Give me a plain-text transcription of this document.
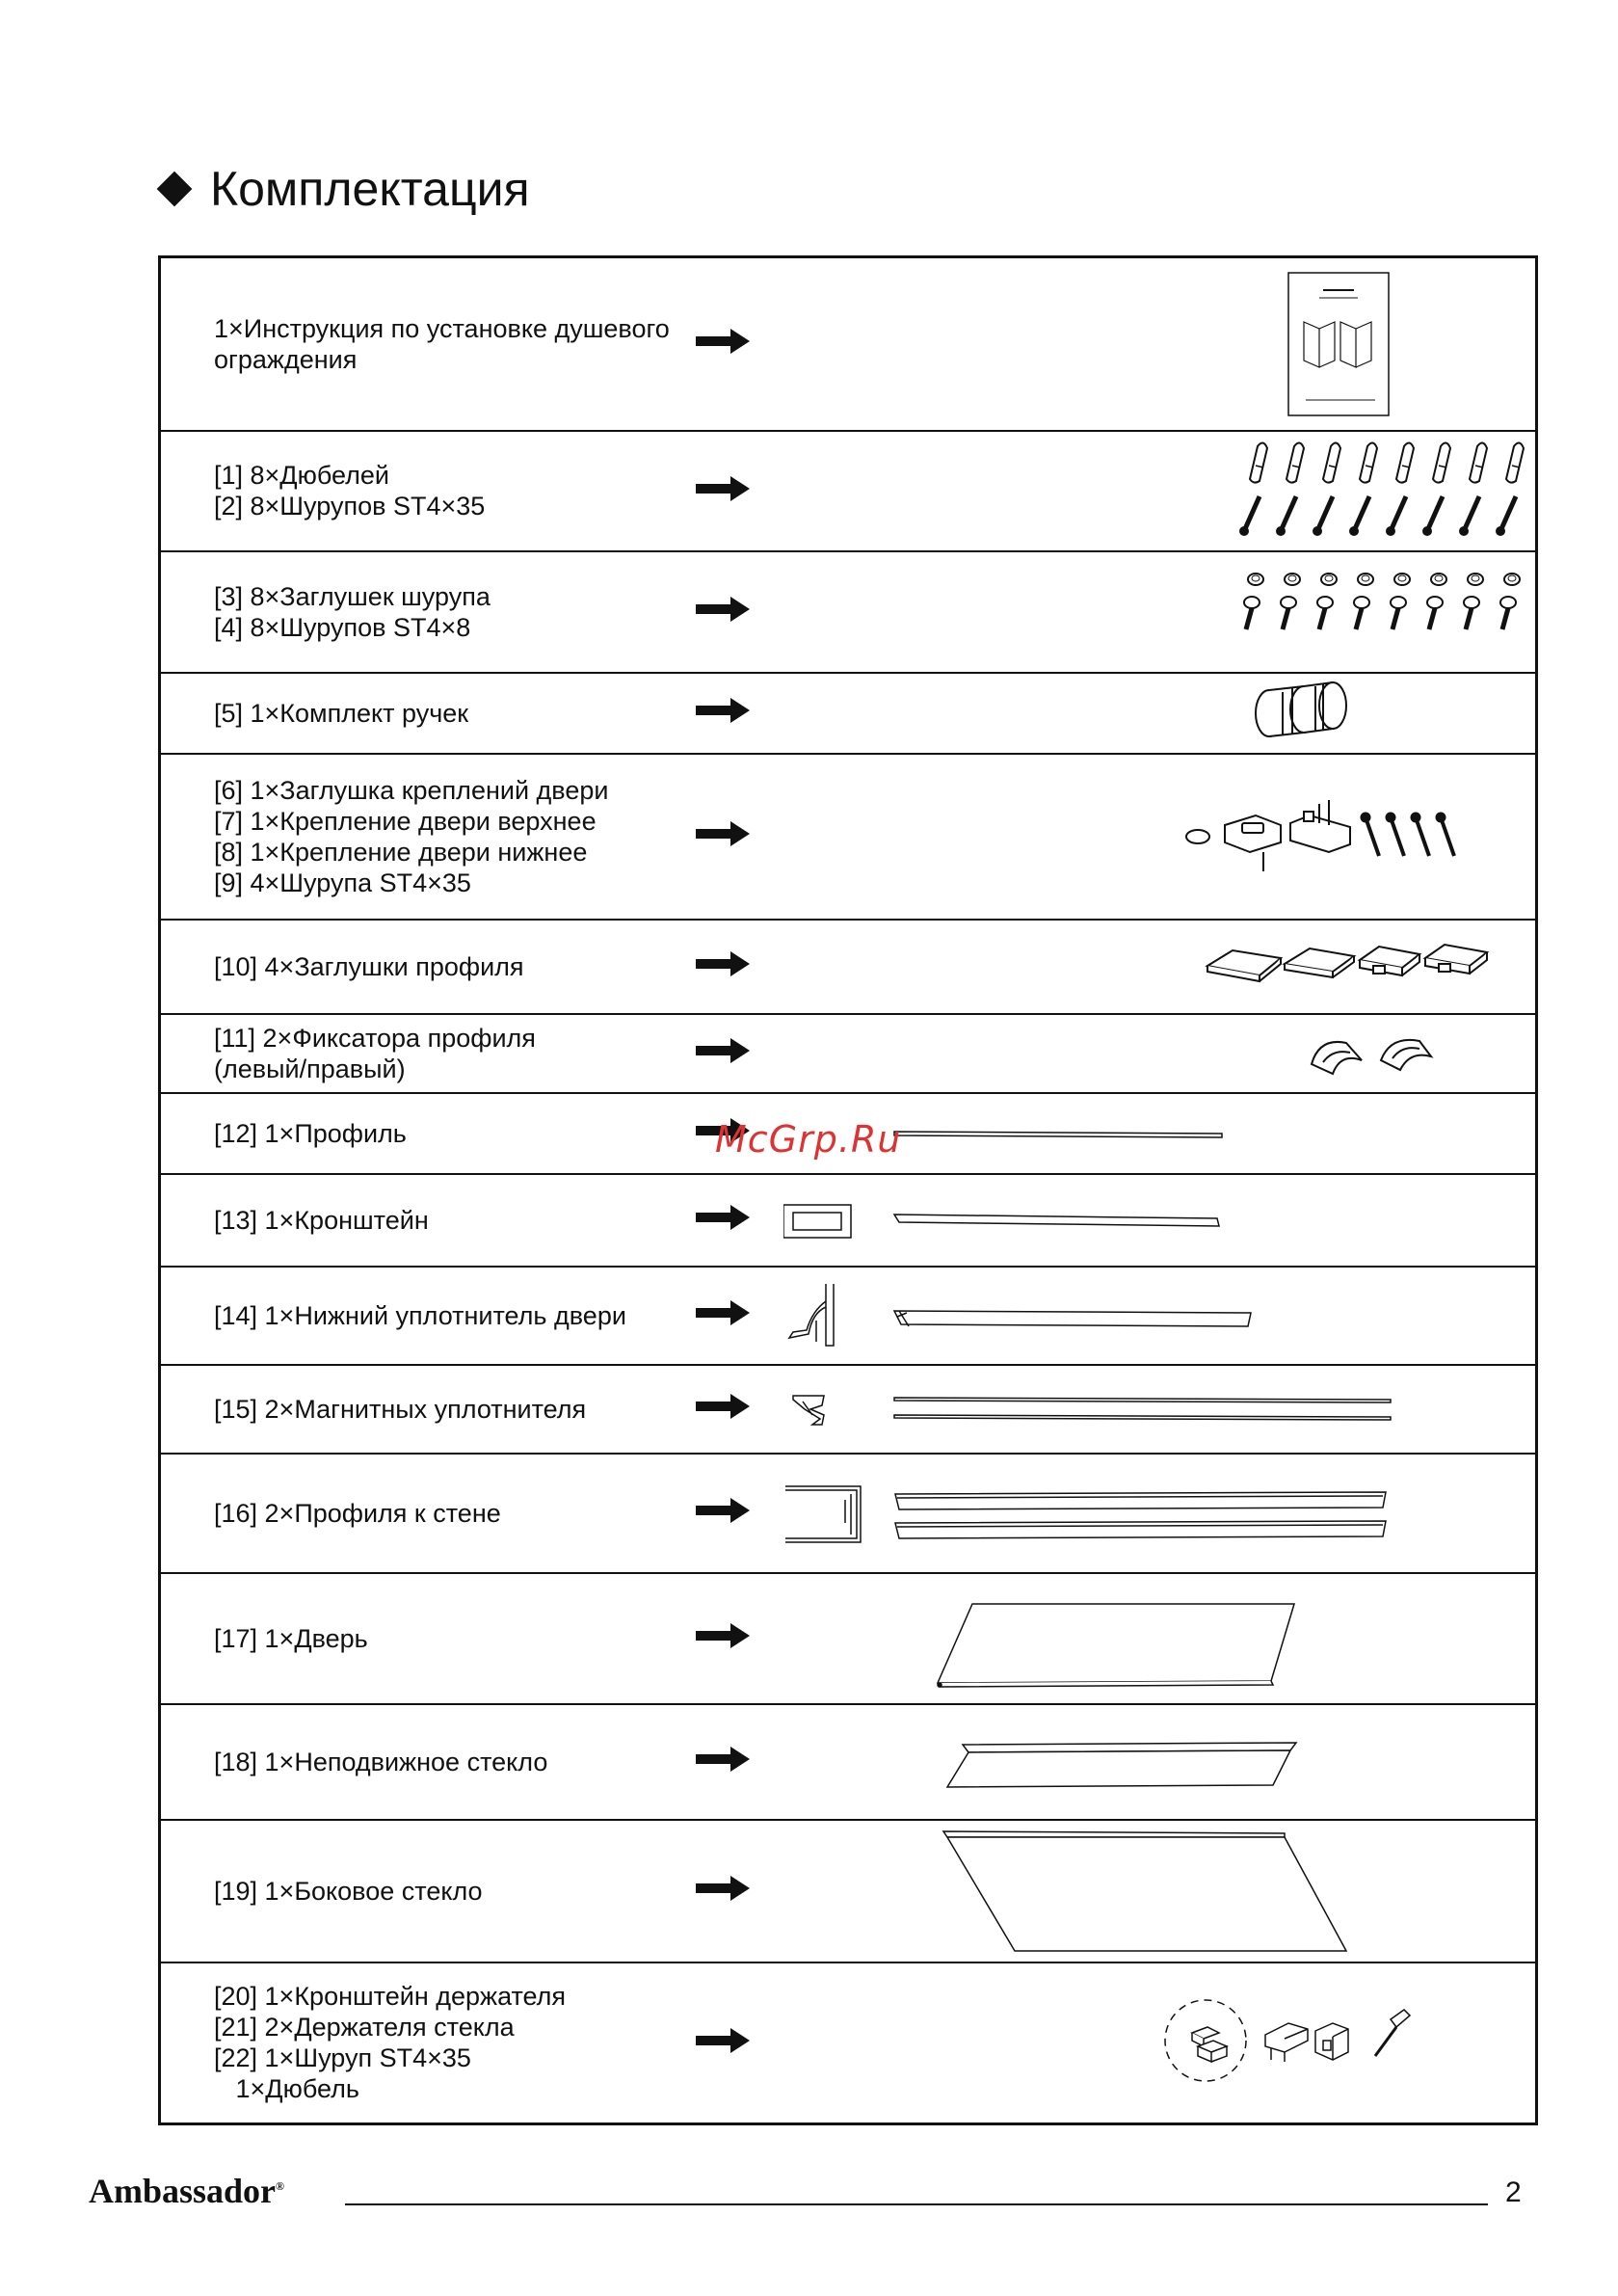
Комплектация
1×Инструкция по установке душевого
ограждения

[1] 8×Дюбелей
[2] 8×Шурупов ST4×35

[3] 8×Заглушек шурупа
[4] 8×Шурупов ST4×8

[5] 1×Комплект ручек

[6] 1×Заглушка креплений двери
[7] 1×Крепление двери верхнее
[8] 1×Крепление двери нижнее
[9] 4×Шурупа ST4×35

[10] 4×Заглушки профиля

[11] 2×Фиксатора профиля
(левый/правый)

[12] 1×Профиль

[13] 1×Кронштейн

[14] 1×Нижний уплотнитель двери

[15] 2×Магнитных уплотнителя

[16] 2×Профиля к стене

[17] 1×Дверь

[18] 1×Неподвижное стекло

[19] 1×Боковое стекло

[20] 1×Кронштейн держателя
[21] 2×Держателя стекла
[22] 1×Шуруп ST4×35
1×Дюбель

McGrp.Ru
Ambassador®	2
